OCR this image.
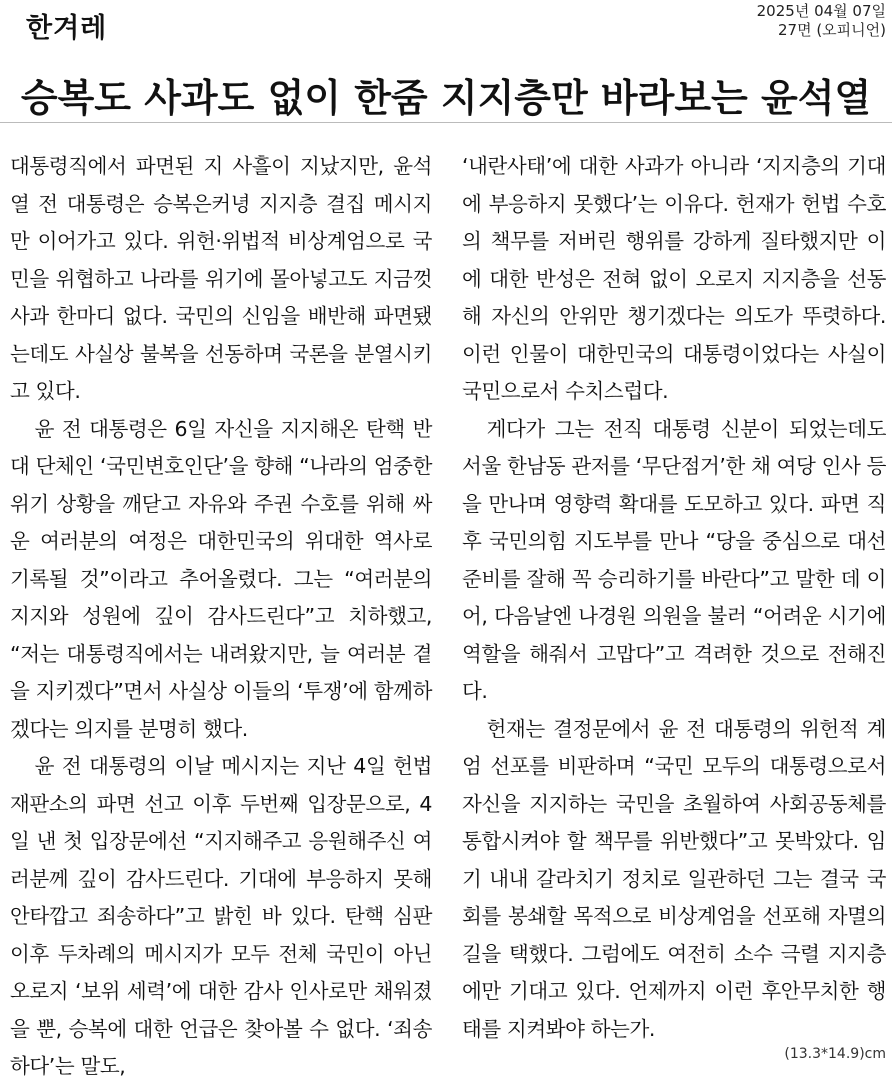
한겨레
2025년 04월 07일
27면 (오피니언)
승복도 사과도 없이 한줌 지지층만 바라보는 윤석열

대통령직에서 파면된 지 사흘이 지났지만, 윤석열 전 대통령은 승복은커녕 지지층 결집 메시지만 이어가고 있다. 위헌·위법적 비상계엄으로 국민을 위협하고 나라를 위기에 몰아넣고도 지금껏 사과 한마디 없다. 국민의 신임을 배반해 파면됐는데도 사실상 불복을 선동하며 국론을 분열시키고 있다.

윤 전 대통령은 6일 자신을 지지해온 탄핵 반대 단체인 ‘국민변호인단’을 향해 “나라의 엄중한 위기 상황을 깨닫고 자유와 주권 수호를 위해 싸운 여러분의 여정은 대한민국의 위대한 역사로 기록될 것”이라고 추어올렸다. 그는 “여러분의 지지와 성원에 깊이 감사드린다”고 치하했고, “저는 대통령직에서는 내려왔지만, 늘 여러분 곁을 지키겠다”면서 사실상 이들의 ‘투쟁’에 함께하겠다는 의지를 분명히 했다.

윤 전 대통령의 이날 메시지는 지난 4일 헌법재판소의 파면 선고 이후 두번째 입장문으로, 4일 낸 첫 입장문에선 “지지해주고 응원해주신 여러분께 깊이 감사드린다. 기대에 부응하지 못해 안타깝고 죄송하다”고 밝힌 바 있다. 탄핵 심판 이후 두차례의 메시지가 모두 전체 국민이 아닌 오로지 ‘보위 세력’에 대한 감사 인사로만 채워졌을 뿐, 승복에 대한 언급은 찾아볼 수 없다. ‘죄송하다’는 말도,

‘내란사태’에 대한 사과가 아니라 ‘지지층의 기대에 부응하지 못했다’는 이유다. 헌재가 헌법 수호의 책무를 저버린 행위를 강하게 질타했지만 이에 대한 반성은 전혀 없이 오로지 지지층을 선동해 자신의 안위만 챙기겠다는 의도가 뚜렷하다. 이런 인물이 대한민국의 대통령이었다는 사실이 국민으로서 수치스럽다.

게다가 그는 전직 대통령 신분이 되었는데도 서울 한남동 관저를 ‘무단점거’한 채 여당 인사 등을 만나며 영향력 확대를 도모하고 있다. 파면 직후 국민의힘 지도부를 만나 “당을 중심으로 대선 준비를 잘해 꼭 승리하기를 바란다”고 말한 데 이어, 다음날엔 나경원 의원을 불러 “어려운 시기에 역할을 해줘서 고맙다”고 격려한 것으로 전해진다.

헌재는 결정문에서 윤 전 대통령의 위헌적 계엄 선포를 비판하며 “국민 모두의 대통령으로서 자신을 지지하는 국민을 초월하여 사회공동체를 통합시켜야 할 책무를 위반했다”고 못박았다. 임기 내내 갈라치기 정치로 일관하던 그는 결국 국회를 봉쇄할 목적으로 비상계엄을 선포해 자멸의 길을 택했다. 그럼에도 여전히 소수 극렬 지지층에만 기대고 있다. 언제까지 이런 후안무치한 행태를 지켜봐야 하는가.

(13.3*14.9)cm
